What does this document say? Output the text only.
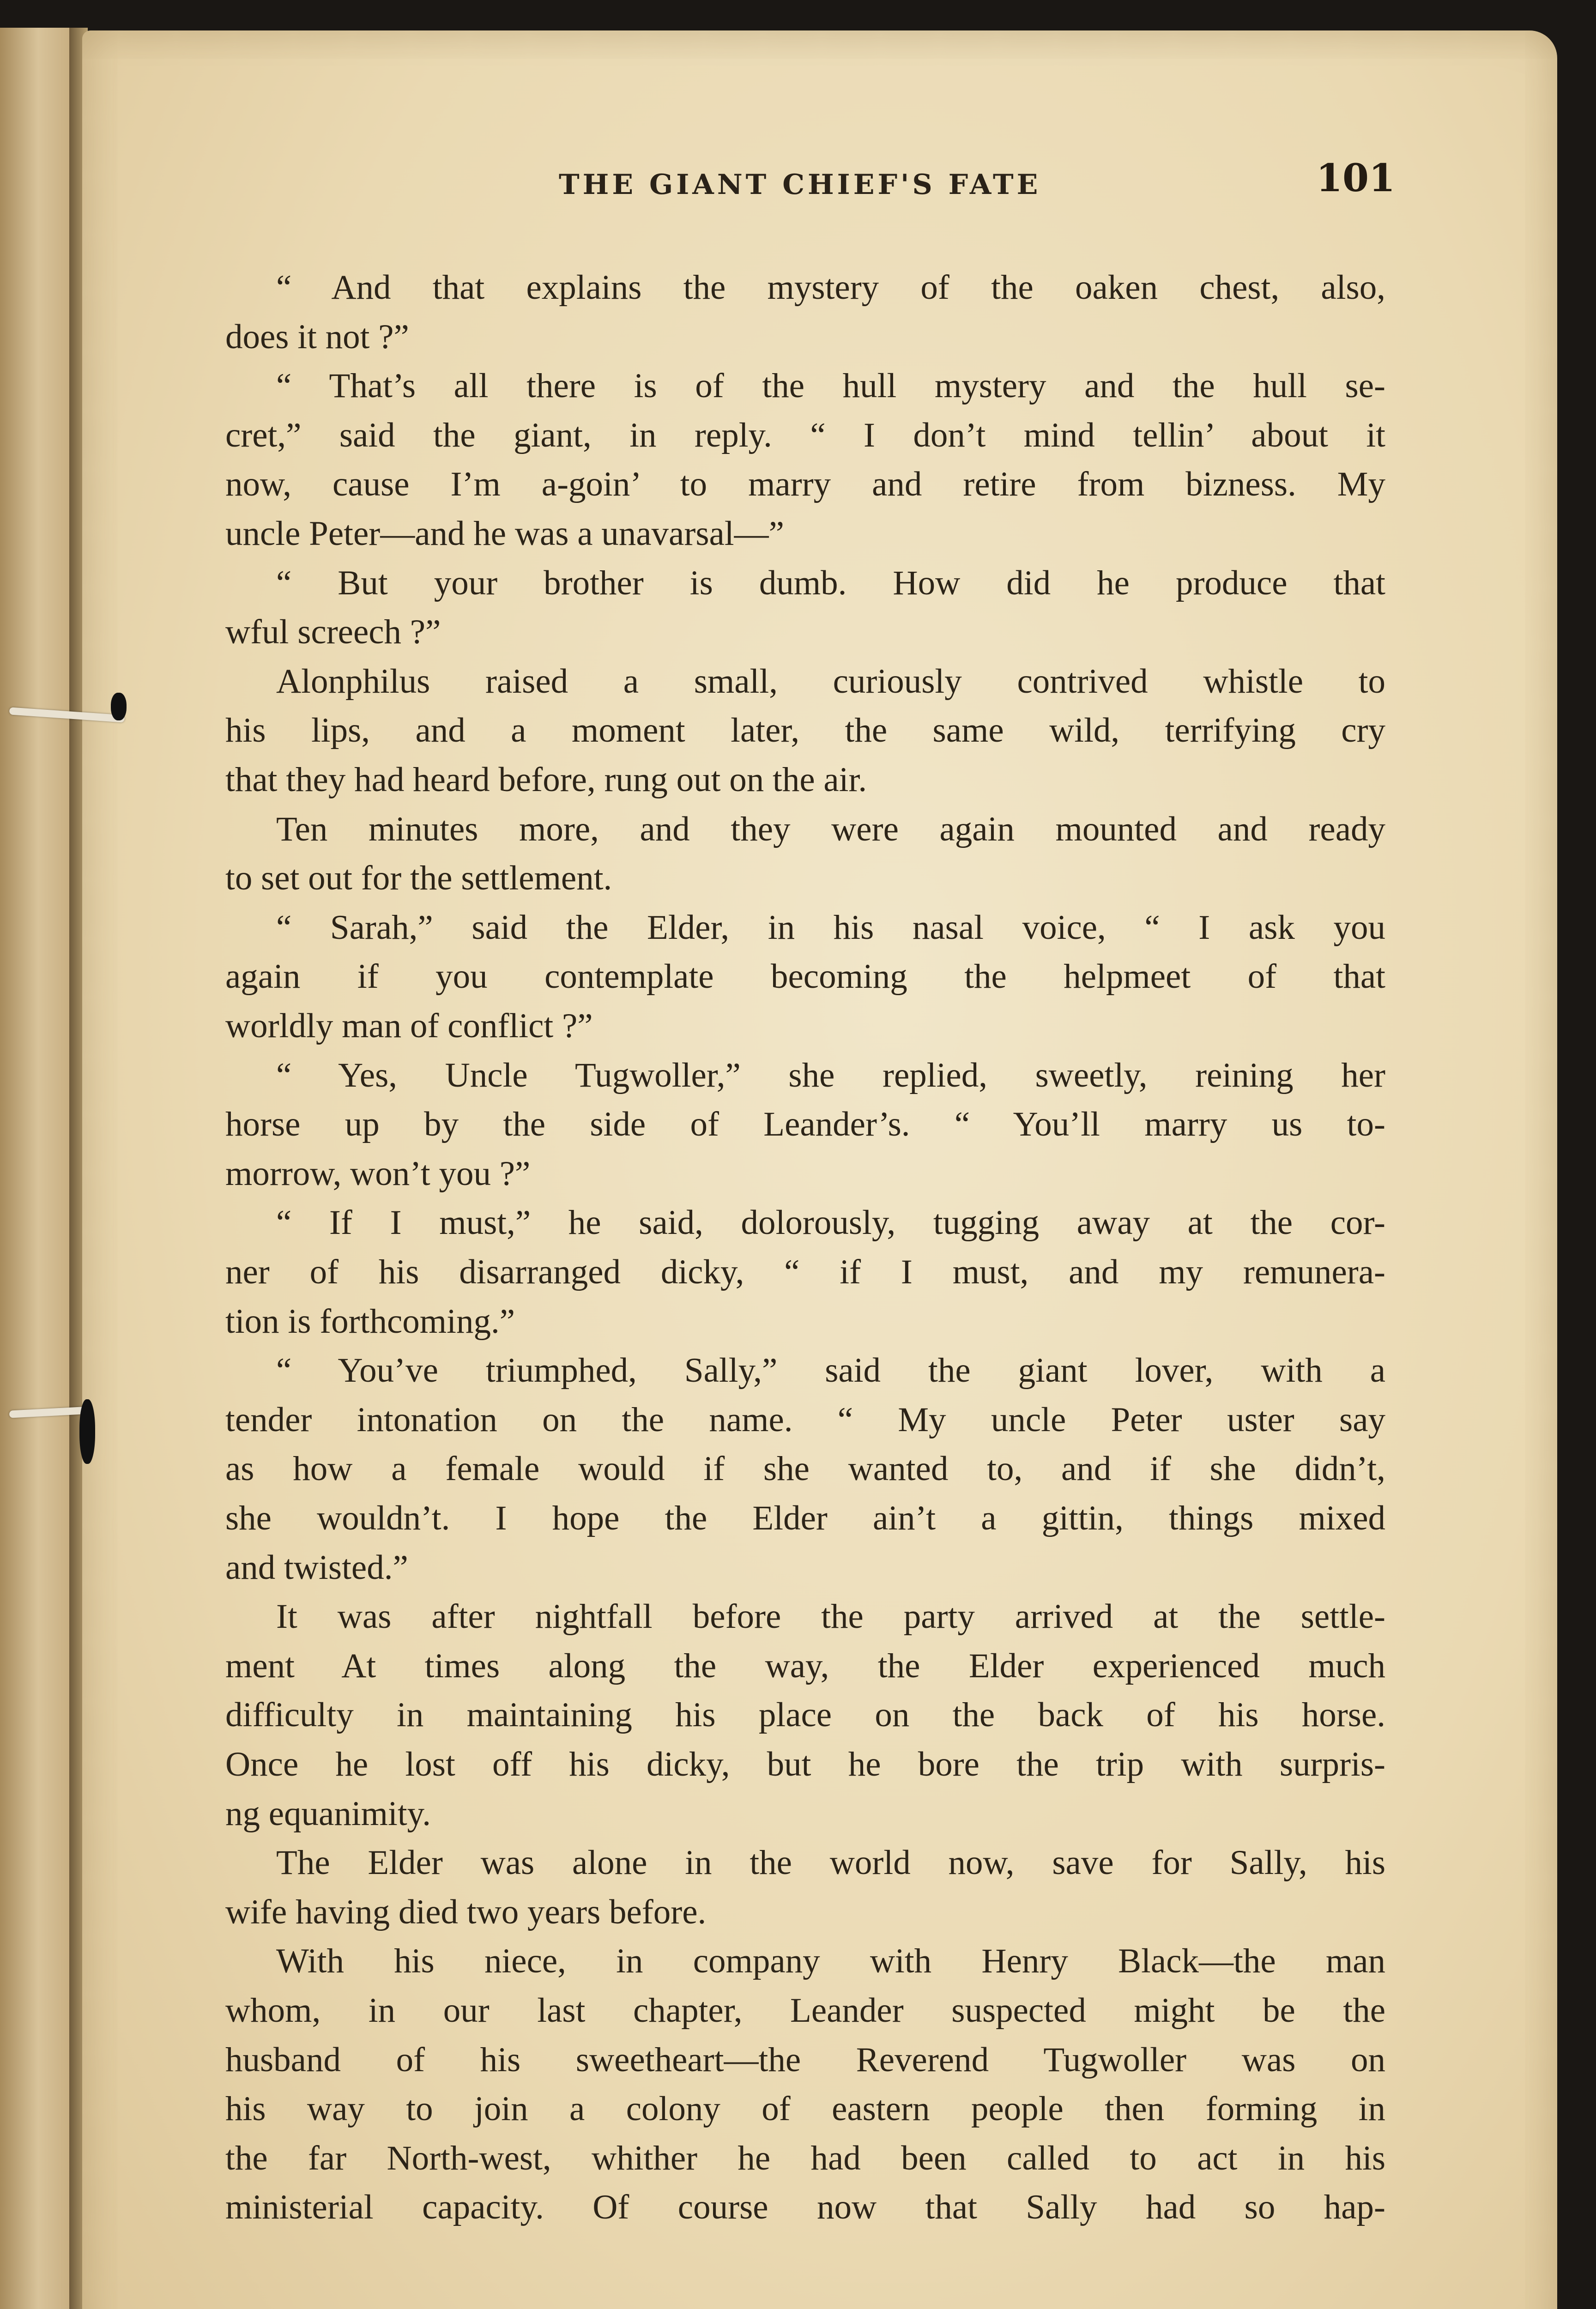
THE GIANT CHIEF'S FATE	101
“ And that explains the mystery of the oaken chest, also,
does it not ?”
“ That’s all there is of the hull mystery and the hull se-
cret,” said the giant, in reply. “ I don’t mind tellin’ about it
now, cause I’m a-goin’ to marry and retire from bizness. My
uncle Peter—and he was a unavarsal—”
“ But your brother is dumb. How did he produce that
wful screech ?”
Alonphilus raised a small, curiously contrived whistle to
his lips, and a moment later, the same wild, terrifying cry
that they had heard before, rung out on the air.
Ten minutes more, and they were again mounted and ready
to set out for the settlement.
“ Sarah,” said the Elder, in his nasal voice, “ I ask you
again if you contemplate becoming the helpmeet of that
worldly man of conflict ?”
“ Yes, Uncle Tugwoller,” she replied, sweetly, reining her
horse up by the side of Leander’s. “ You’ll marry us to-
morrow, won’t you ?”
“ If I must,” he said, dolorously, tugging away at the cor-
ner of his disarranged dicky, “ if I must, and my remunera-
tion is forthcoming.”
“ You’ve triumphed, Sally,” said the giant lover, with a
tender intonation on the name. “ My uncle Peter uster say
as how a female would if she wanted to, and if she didn’t,
she wouldn’t. I hope the Elder ain’t a gittin, things mixed
and twisted.”
It was after nightfall before the party arrived at the settle-
ment At times along the way, the Elder experienced much
difficulty in maintaining his place on the back of his horse.
Once he lost off his dicky, but he bore the trip with surpris-
ng equanimity.
The Elder was alone in the world now, save for Sally, his
wife having died two years before.
With his niece, in company with Henry Black—the man
whom, in our last chapter, Leander suspected might be the
husband of his sweetheart—the Reverend Tugwoller was on
his way to join a colony of eastern people then forming in
the far North-west, whither he had been called to act in his
ministerial capacity. Of course now that Sally had so hap-
